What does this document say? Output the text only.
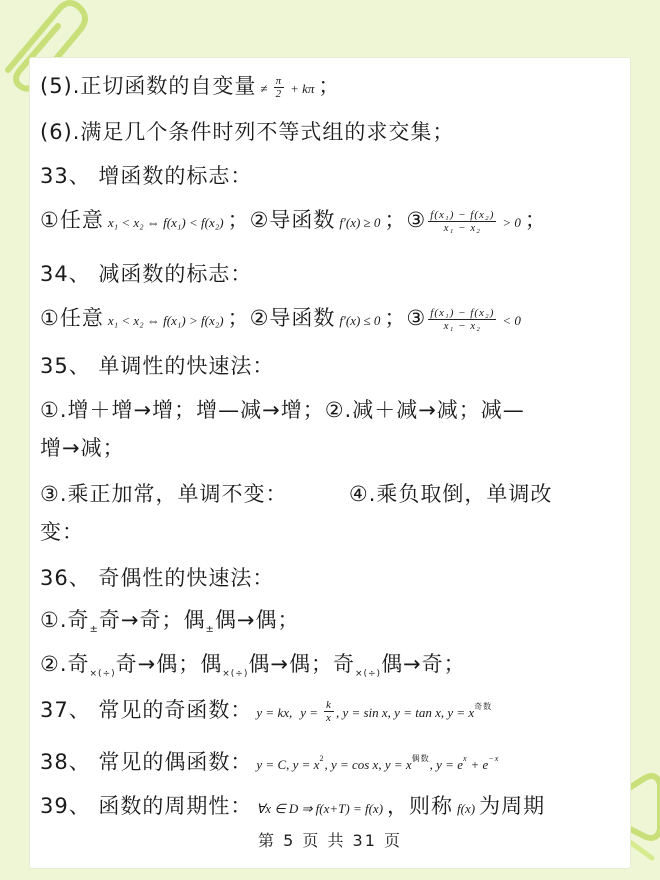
(5).正切函数的自变量 ≠ $\frac{\pi}{2} + k\pi$ ；
(6).满足几个条件时列不等式组的求交集；
33、 增函数的标志：
①任意 x₁ < x₂ ⇔ f(x₁) < f(x₂) ；②导函数 f′(x) ≥ 0 ；③ $\frac{\text{f(x₁) − f(x₂)}}{\text{x₁ − x₂}} > 0$ ；
34、 减函数的标志：
①任意 x₁ < x₂ ⇔ f(x₁) > f(x₂) ；②导函数 f′(x) ≤ 0 ；③ $\frac{\text{f(x₁) − f(x₂)}}{\text{x₁ − x₂}} < 0$
35、 单调性的快速法：
①.增＋增→增；增—减→增；②.减＋减→减；减—
增→减；
③.乘正加常，单调不变：        ④.乘负取倒，单调改
变：
36、 奇偶性的快速法：
①.奇$_\pm$奇→奇；偶$_\pm$偶→偶；
②.奇$_{\times(\div)}$奇→偶；偶$_{\times(\div)}$偶→偶；奇$_{\times(\div)}$偶→奇；
37、 常见的奇函数： y = kx, $y = \frac{k}{x}$ , y = sin x, y = tan x, $y = x^{奇数}$
38、 常见的偶函数： y = C, $y = x^2$, y = cos x, $y = x^{偶数}$, $y = e^x + e^{-x}$
39、 函数的周期性： ∀x ∈ D ⇒ f(x+T) = f(x) ，则称 f(x) 为周期
第 5 页 共 31 页
